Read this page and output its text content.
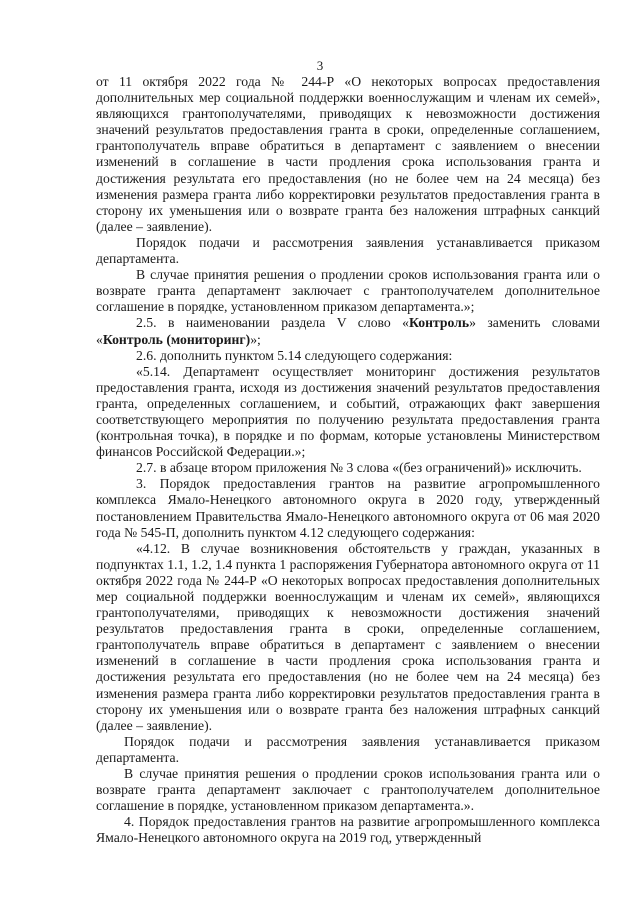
3

от 11 октября 2022 года № 244-Р «О некоторых вопросах предоставления дополнительных мер социальной поддержки военнослужащим и членам их семей», являющихся грантополучателями, приводящих к невозможности достижения значений результатов предоставления гранта в сроки, определенные соглашением, грантополучатель вправе обратиться в департамент с заявлением о внесении изменений в соглашение в части продления срока использования гранта и достижения результата его предоставления (но не более чем на 24 месяца) без изменения размера гранта либо корректировки результатов предоставления гранта в сторону их уменьшения или о возврате гранта без наложения штрафных санкций (далее – заявление).

Порядок подачи и рассмотрения заявления устанавливается приказом департамента.

В случае принятия решения о продлении сроков использования гранта или о возврате гранта департамент заключает с грантополучателем дополнительное соглашение в порядке, установленном приказом департамента.»;

2.5. в наименовании раздела V слово «Контроль» заменить словами «Контроль (мониторинг)»;

2.6. дополнить пунктом 5.14 следующего содержания:

«5.14. Департамент осуществляет мониторинг достижения результатов предоставления гранта, исходя из достижения значений результатов предоставления гранта, определенных соглашением, и событий, отражающих факт завершения соответствующего мероприятия по получению результата предоставления гранта (контрольная точка), в порядке и по формам, которые установлены Министерством финансов Российской Федерации.»;

2.7. в абзаце втором приложения № 3 слова «(без ограничений)» исключить.

3. Порядок предоставления грантов на развитие агропромышленного комплекса Ямало-Ненецкого автономного округа в 2020 году, утвержденный постановлением Правительства Ямало-Ненецкого автономного округа от 06 мая 2020 года № 545-П, дополнить пунктом 4.12 следующего содержания:

«4.12. В случае возникновения обстоятельств у граждан, указанных в подпунктах 1.1, 1.2, 1.4 пункта 1 распоряжения Губернатора автономного округа от 11 октября 2022 года № 244-Р «О некоторых вопросах предоставления дополнительных мер социальной поддержки военнослужащим и членам их семей», являющихся грантополучателями, приводящих к невозможности достижения значений результатов предоставления гранта в сроки, определенные соглашением, грантополучатель вправе обратиться в департамент с заявлением о внесении изменений в соглашение в части продления срока использования гранта и достижения результата его предоставления (но не более чем на 24 месяца) без изменения размера гранта либо корректировки результатов предоставления гранта в сторону их уменьшения или о возврате гранта без наложения штрафных санкций (далее – заявление).

Порядок подачи и рассмотрения заявления устанавливается приказом департамента.

В случае принятия решения о продлении сроков использования гранта или о возврате гранта департамент заключает с грантополучателем дополнительное соглашение в порядке, установленном приказом департамента.».

4. Порядок предоставления грантов на развитие агропромышленного комплекса Ямало-Ненецкого автономного округа на 2019 год, утвержденный
